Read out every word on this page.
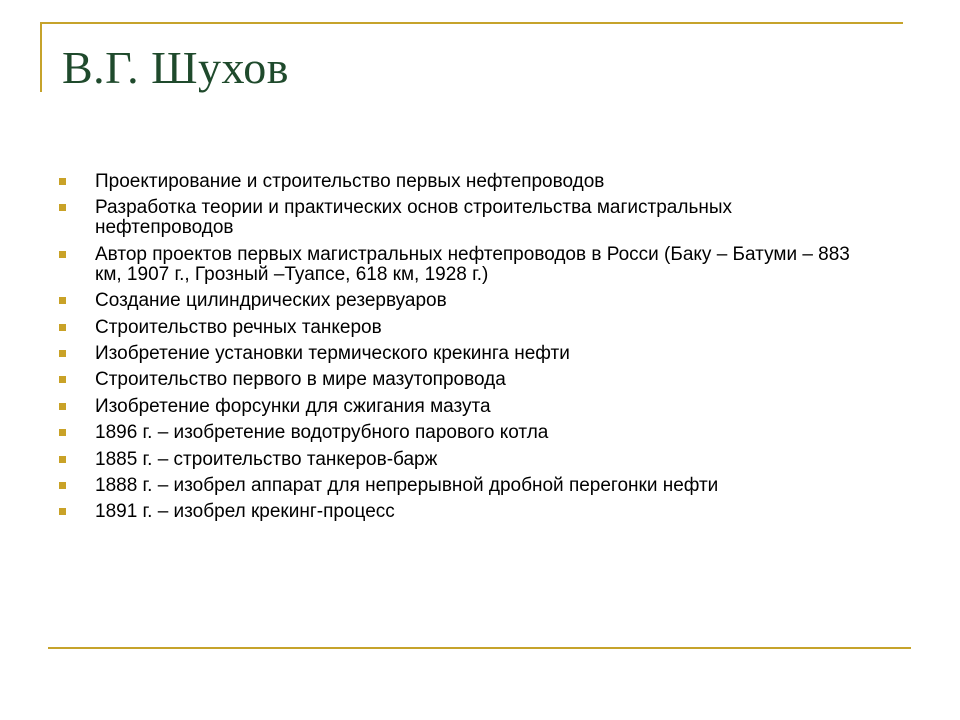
В.Г. Шухов
Проектирование и строительство первых нефтепроводов
Разработка теории и практических основ строительства магистральных нефтепроводов
Автор проектов первых магистральных нефтепроводов в Росси (Баку – Батуми – 883 км, 1907 г., Грозный –Туапсе, 618 км, 1928 г.)
Создание цилиндрических резервуаров
Строительство речных танкеров
Изобретение установки термического крекинга нефти
Строительство первого в мире мазутопровода
Изобретение форсунки для сжигания мазута
1896 г. – изобретение водотрубного парового котла
1885 г. – строительство танкеров-барж
1888 г. – изобрел аппарат для непрерывной дробной перегонки нефти
1891 г. – изобрел крекинг-процесс
